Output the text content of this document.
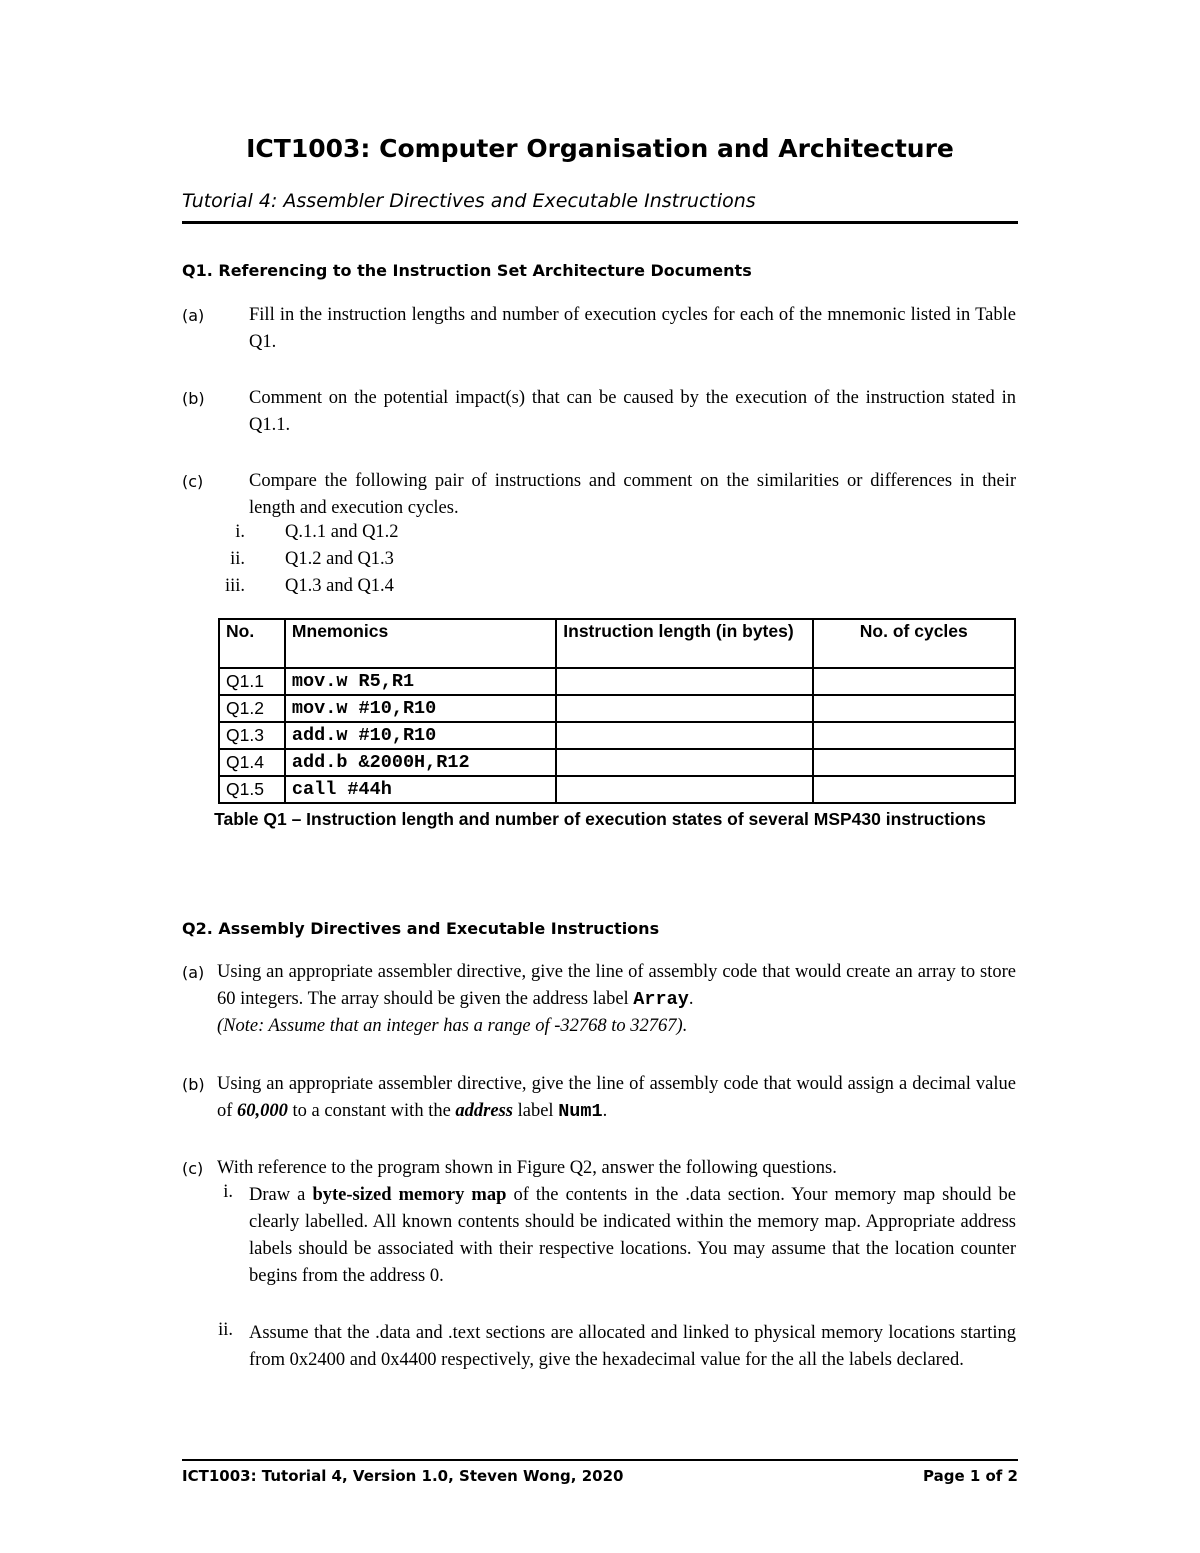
ICT1003: Computer Organisation and Architecture
Tutorial 4: Assembler Directives and Executable Instructions
Q1. Referencing to the Instruction Set Architecture Documents
(a) Fill in the instruction lengths and number of execution cycles for each of the mnemonic listed in Table Q1.
(b) Comment on the potential impact(s) that can be caused by the execution of the instruction stated in Q1.1.
(c) Compare the following pair of instructions and comment on the similarities or differences in their length and execution cycles.
i. Q.1.1 and Q1.2
ii. Q1.2 and Q1.3
iii. Q1.3 and Q1.4
No.	Mnemonics	Instruction length (in bytes)	No. of cycles
Q1.1	mov.w R5,R1		
Q1.2	mov.w #10,R10		
Q1.3	add.w #10,R10		
Q1.4	add.b &2000H,R12		
Q1.5	call #44h		
Table Q1 – Instruction length and number of execution states of several MSP430 instructions
Q2. Assembly Directives and Executable Instructions
(a) Using an appropriate assembler directive, give the line of assembly code that would create an array to store 60 integers. The array should be given the address label Array.
(Note: Assume that an integer has a range of -32768 to 32767).
(b) Using an appropriate assembler directive, give the line of assembly code that would assign a decimal value of 60,000 to a constant with the address label Num1.
(c) With reference to the program shown in Figure Q2, answer the following questions.
i. Draw a byte-sized memory map of the contents in the .data section. Your memory map should be clearly labelled. All known contents should be indicated within the memory map. Appropriate address labels should be associated with their respective locations. You may assume that the location counter begins from the address 0.
ii. Assume that the .data and .text sections are allocated and linked to physical memory locations starting from 0x2400 and 0x4400 respectively, give the hexadecimal value for the all the labels declared.
ICT1003: Tutorial 4, Version 1.0, Steven Wong, 2020	Page 1 of 2
